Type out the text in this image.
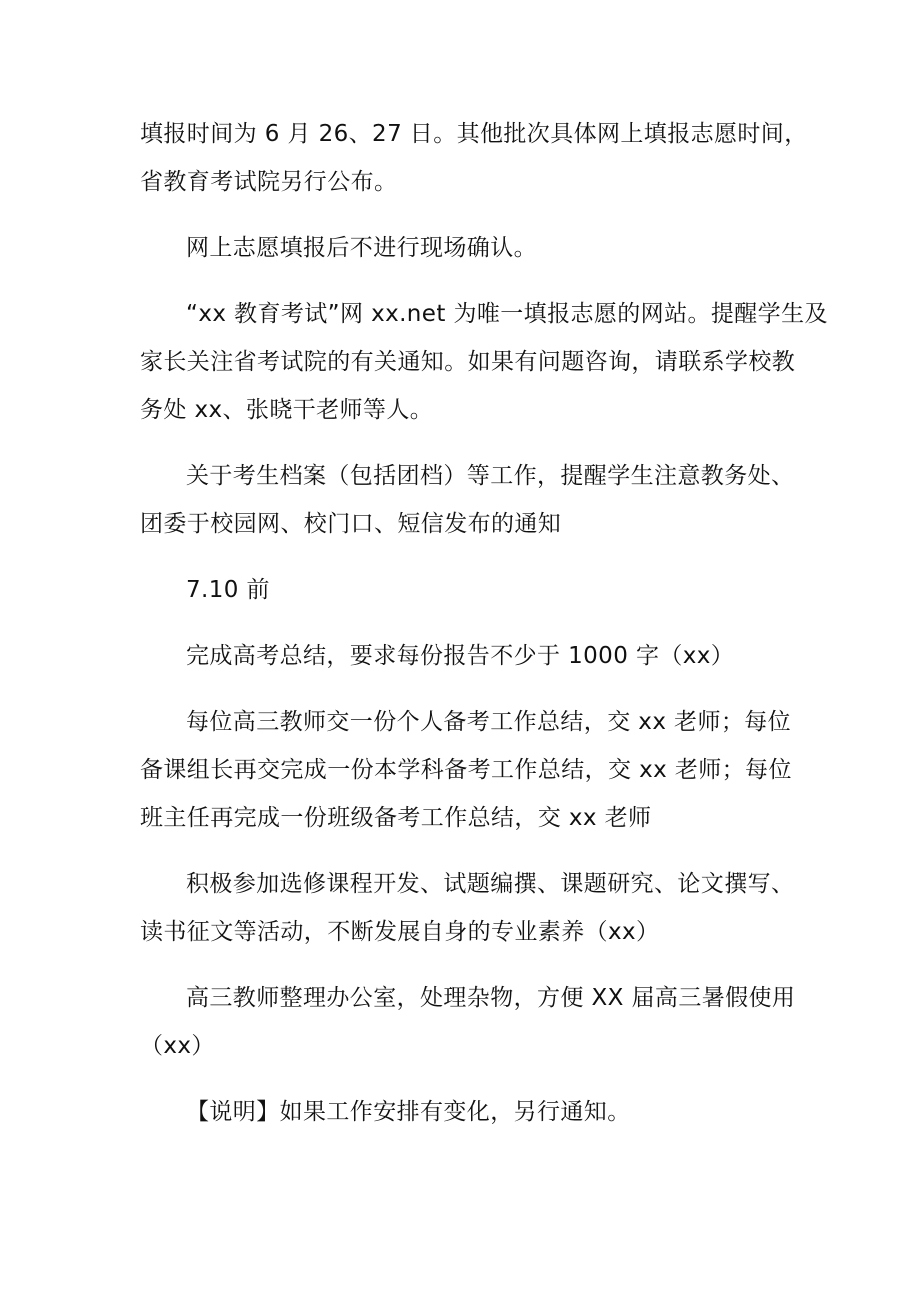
填报时间为 6 月 26、27 日。其他批次具体网上填报志愿时间，
省教育考试院另行公布。
网上志愿填报后不进行现场确认。
“xx 教育考试”网 xx.net 为唯一填报志愿的网站。提醒学生及
家长关注省考试院的有关通知。如果有问题咨询，请联系学校教
务处 xx、张晓干老师等人。
关于考生档案（包括团档）等工作，提醒学生注意教务处、
团委于校园网、校门口、短信发布的通知
7.10 前
完成高考总结，要求每份报告不少于 1000 字（xx）
每位高三教师交一份个人备考工作总结，交 xx 老师；每位
备课组长再交完成一份本学科备考工作总结，交 xx 老师；每位
班主任再完成一份班级备考工作总结，交 xx 老师
积极参加选修课程开发、试题编撰、课题研究、论文撰写、
读书征文等活动，不断发展自身的专业素养（xx）
高三教师整理办公室，处理杂物，方便 XX 届高三暑假使用
（xx）
【说明】如果工作安排有变化，另行通知。
